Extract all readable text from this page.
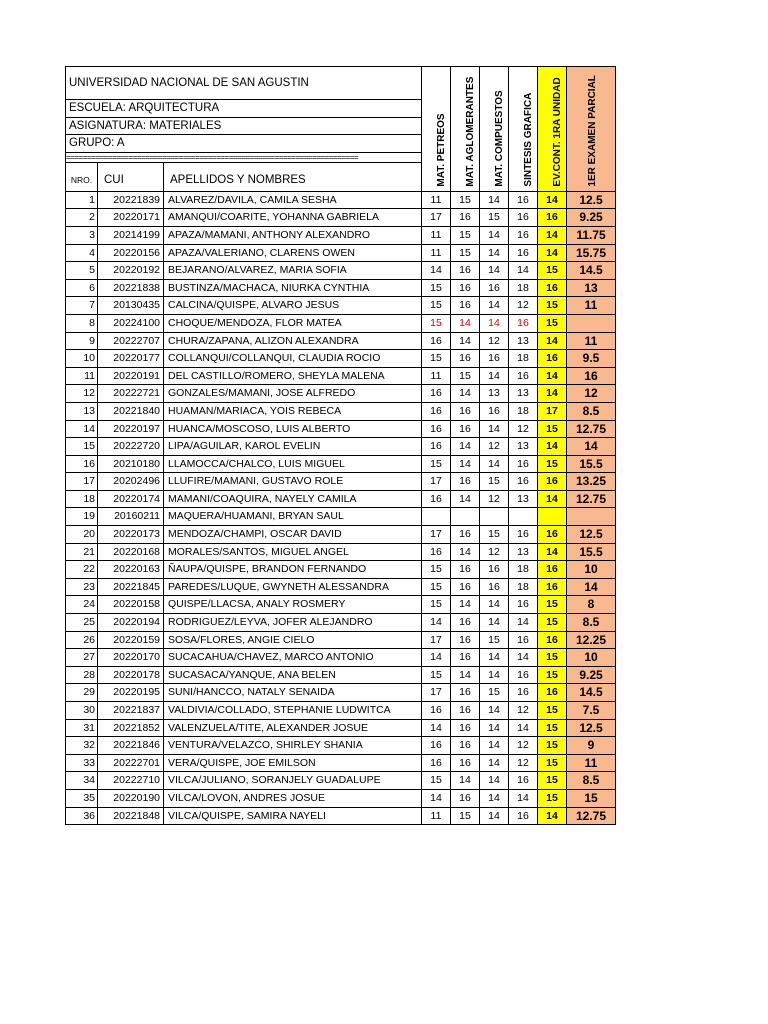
UNIVERSIDAD NACIONAL DE SAN AGUSTIN			MAT. PETREOS	MAT. AGLOMERANTES	MAT. COMPUESTOS	SINTESIS GRAFICA	EV.CONT. 1RA UNIDAD	1ER EXAMEN PARCIAL

ESCUELA: ARQUITECTURA								
ASIGNATURA: MATERIALES								
GRUPO: A								
======================================================================								
NRO.	CUI	APELLIDOS Y NOMBRES						
1	20221839	ALVAREZ/DAVILA, CAMILA SESHA	11	15	14	16	14	12.5
2	20220171	AMANQUI/COARITE, YOHANNA GABRIELA	17	16	15	16	16	9.25
3	20214199	APAZA/MAMANI, ANTHONY ALEXANDRO	11	15	14	16	14	11.75
4	20220156	APAZA/VALERIANO, CLARENS OWEN	11	15	14	16	14	15.75
5	20220192	BEJARANO/ALVAREZ, MARIA SOFIA	14	16	14	14	15	14.5
6	20221838	BUSTINZA/MACHACA, NIURKA CYNTHIA	15	16	16	18	16	13
7	20130435	CALCINA/QUISPE, ALVARO JESUS	15	16	14	12	15	11
8	20224100	CHOQUE/MENDOZA, FLOR MATEA	15	14	14	16	15	
9	20222707	CHURA/ZAPANA, ALIZON ALEXANDRA	16	14	12	13	14	11
10	20220177	COLLANQUI/COLLANQUI, CLAUDIA ROCIO	15	16	16	18	16	9.5
11	20220191	DEL CASTILLO/ROMERO, SHEYLA MALENA	11	15	14	16	14	16
12	20222721	GONZALES/MAMANI, JOSE ALFREDO	16	14	13	13	14	12
13	20221840	HUAMAN/MARIACA, YOIS REBECA	16	16	16	18	17	8.5
14	20220197	HUANCA/MOSCOSO, LUIS ALBERTO	16	16	14	12	15	12.75
15	20222720	LIPA/AGUILAR, KAROL EVELIN	16	14	12	13	14	14
16	20210180	LLAMOCCA/CHALCO, LUIS MIGUEL	15	14	14	16	15	15.5
17	20202496	LLUFIRE/MAMANI, GUSTAVO ROLE	17	16	15	16	16	13.25
18	20220174	MAMANI/COAQUIRA, NAYELY CAMILA	16	14	12	13	14	12.75
19	20160211	MAQUERA/HUAMANI, BRYAN SAUL						
20	20220173	MENDOZA/CHAMPI, OSCAR DAVID	17	16	15	16	16	12.5
21	20220168	MORALES/SANTOS, MIGUEL ANGEL	16	14	12	13	14	15.5
22	20220163	ÑAUPA/QUISPE, BRANDON FERNANDO	15	16	16	18	16	10
23	20221845	PAREDES/LUQUE, GWYNETH ALESSANDRA	15	16	16	18	16	14
24	20220158	QUISPE/LLACSA, ANALY ROSMERY	15	14	14	16	15	8
25	20220194	RODRIGUEZ/LEYVA, JOFER ALEJANDRO	14	16	14	14	15	8.5
26	20220159	SOSA/FLORES, ANGIE CIELO	17	16	15	16	16	12.25
27	20220170	SUCACAHUA/CHAVEZ, MARCO ANTONIO	14	16	14	14	15	10
28	20220178	SUCASACA/YANQUE, ANA BELEN	15	14	14	16	15	9.25
29	20220195	SUNI/HANCCO, NATALY SENAIDA	17	16	15	16	16	14.5
30	20221837	VALDIVIA/COLLADO, STEPHANIE LUDWITCA	16	16	14	12	15	7.5
31	20221852	VALENZUELA/TITE, ALEXANDER JOSUE	14	16	14	14	15	12.5
32	20221846	VENTURA/VELAZCO, SHIRLEY SHANIA	16	16	14	12	15	9
33	20222701	VERA/QUISPE, JOE EMILSON	16	16	14	12	15	11
34	20222710	VILCA/JULIANO, SORANJELY GUADALUPE	15	14	14	16	15	8.5
35	20220190	VILCA/LOVON, ANDRES JOSUE	14	16	14	14	15	15
36	20221848	VILCA/QUISPE, SAMIRA NAYELI	11	15	14	16	14	12.75
